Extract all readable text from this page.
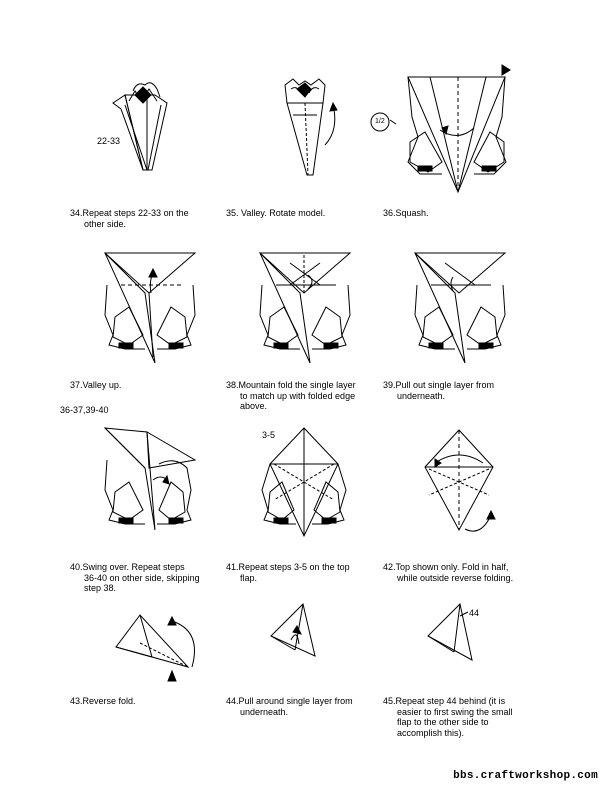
22-33
1/2
34.Repeat steps 22-33 on the
other side.
35. Valley. Rotate model.	36.Squash.
37.Valley up.	38.Mountain fold the single layer
to match up with folded edge
above.
39.Pull out single layer from
underneath.
36-37,39-40
3-5
40.Swing over. Repeat steps
36-40 on other side, skipping
step 38.
41.Repeat steps 3-5 on the top
flap.
42.Top shown only. Fold in half,
while outside reverse folding.
44
43.Reverse fold.	44.Pull around single layer from
underneath.
45.Repeat step 44 behind (it is
easier to first swing the small
flap to the other side to
accomplish this).
bbs.craftworkshop.com
